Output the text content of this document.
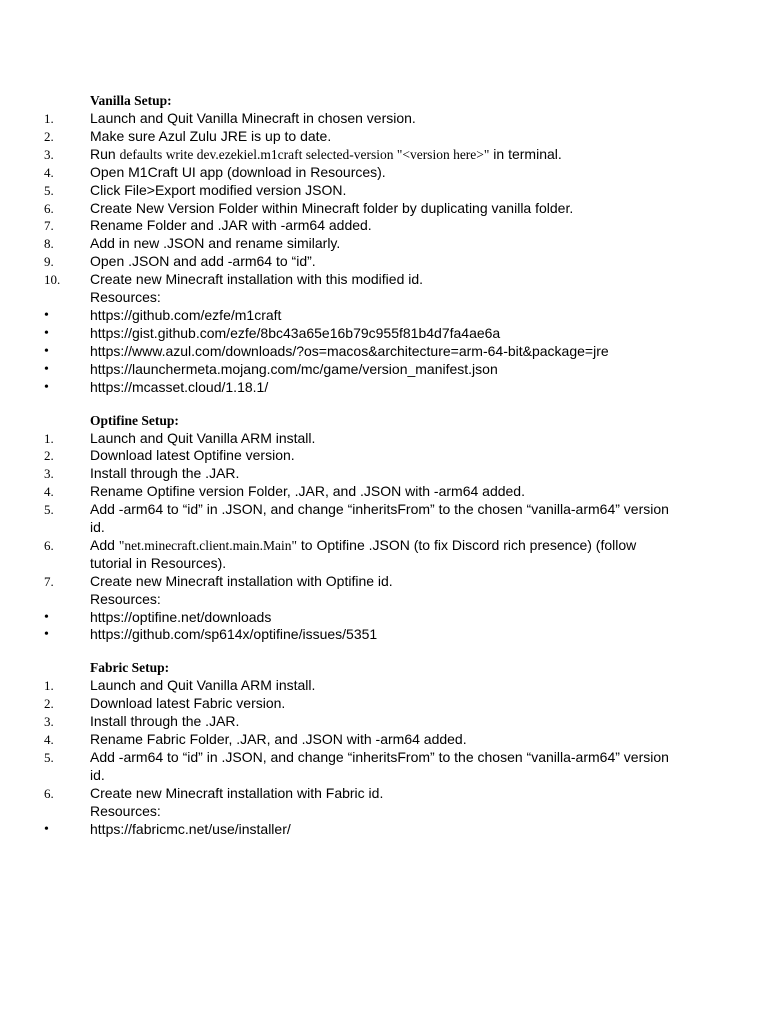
Vanilla Setup:
1.	Launch and Quit Vanilla Minecraft in chosen version.
2.	Make sure Azul Zulu JRE is up to date.
3.	Run defaults write dev.ezekiel.m1craft selected-version "<version here>" in terminal.
4.	Open M1Craft UI app (download in Resources).
5.	Click File>Export modified version JSON.
6.	Create New Version Folder within Minecraft folder by duplicating vanilla folder.
7.	Rename Folder and .JAR with -arm64 added.
8.	Add in new .JSON and rename similarly.
9.	Open .JSON and add -arm64 to “id”.
10. Create new Minecraft installation with this modified id.
Resources:
•	https://github.com/ezfe/m1craft
•	https://gist.github.com/ezfe/8bc43a65e16b79c955f81b4d7fa4ae6a
•	https://www.azul.com/downloads/?os=macos&architecture=arm-64-bit&package=jre
•	https://launchermeta.mojang.com/mc/game/version_manifest.json
•	https://mcasset.cloud/1.18.1/
Optifine Setup:
1.	Launch and Quit Vanilla ARM install.
2.	Download latest Optifine version.
3.	Install through the .JAR.
4.	Rename Optifine version Folder, .JAR, and .JSON with -arm64 added.
5.	Add -arm64 to “id” in .JSON, and change “inheritsFrom” to the chosen “vanilla-arm64” version id.
6.	Add "net.minecraft.client.main.Main" to Optifine .JSON (to fix Discord rich presence) (follow tutorial in Resources).
7.	Create new Minecraft installation with Optifine id.
Resources:
•	https://optifine.net/downloads
•	https://github.com/sp614x/optifine/issues/5351
Fabric Setup:
1.	Launch and Quit Vanilla ARM install.
2.	Download latest Fabric version.
3.	Install through the .JAR.
4.	Rename Fabric Folder, .JAR, and .JSON with -arm64 added.
5.	Add -arm64 to “id” in .JSON, and change “inheritsFrom” to the chosen “vanilla-arm64” version id.
6.	Create new Minecraft installation with Fabric id.
Resources:
•	https://fabricmc.net/use/installer/
